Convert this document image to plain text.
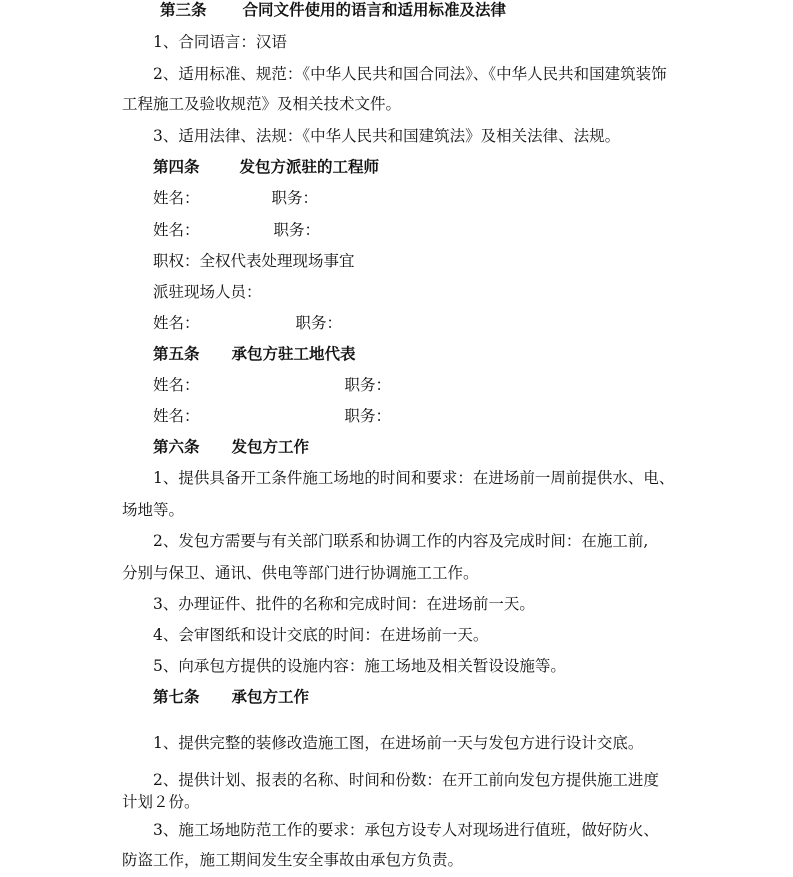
第三条 合同文件使用的语言和适用标准及法律
1、合同语言：汉语
2、适用标准、规范：《中华人民共和国合同法》、《中华人民共和国建筑装饰
工程施工及验收规范》及相关技术文件。
3、适用法律、法规：《中华人民共和国建筑法》及相关法律、法规。
第四条	发包方派驻的工程师
姓名：	职务：
姓名：	职务：
职权：全权代表处理现场事宜
派驻现场人员：
姓名：	职务：
第五条 承包方驻工地代表
姓名：	职务：
姓名：	职务：
第六条 发包方工作
1、提供具备开工条件施工场地的时间和要求：在进场前一周前提供水、电、
场地等。
2、发包方需要与有关部门联系和协调工作的内容及完成时间：在施工前,
分别与保卫、通讯、供电等部门进行协调施工工作。
3、办理证件、批件的名称和完成时间：在进场前一天。
4、会审图纸和设计交底的时间：在进场前一天。
5、向承包方提供的设施内容：施工场地及相关暂设设施等。
第七条 承包方工作
1、提供完整的装修改造施工图，在进场前一天与发包方进行设计交底。
2、提供计划、报表的名称、时间和份数：在开工前向发包方提供施工进度
计划２份。
3、施工场地防范工作的要求：承包方设专人对现场进行值班，做好防火、
防盗工作，施工期间发生安全事故由承包方负责。
